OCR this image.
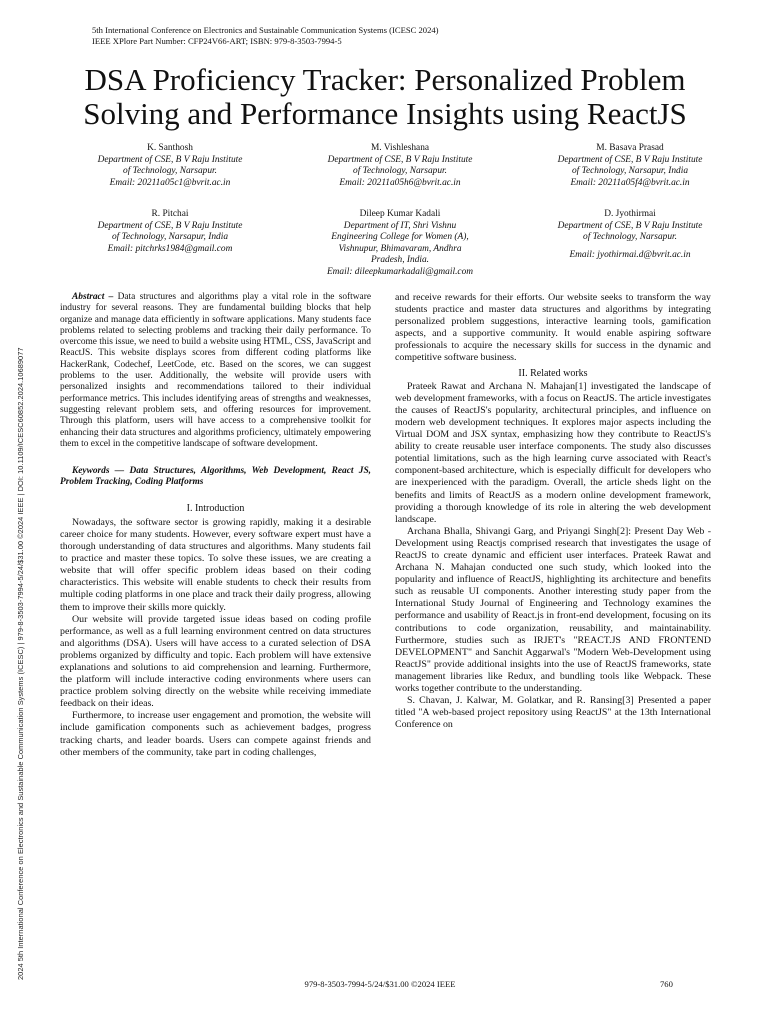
5th International Conference on Electronics and Sustainable Communication Systems (ICESC 2024)
IEEE XPlore Part Number: CFP24V66-ART; ISBN: 979-8-3503-7994-5
2024 5th International Conference on Electronics and Sustainable Communication Systems (ICESC) | 979-8-3503-7994-5/24/$31.00 ©2024 IEEE | DOI: 10.1109/ICESC60852.2024.10689077
DSA Proficiency Tracker: Personalized Problem
Solving and Performance Insights using ReactJS
K. Santhosh
Department of CSE, B V Raju Institute
of Technology, Narsapur.
Email: 20211a05c1@bvrit.ac.in
M. Vishleshana
Department of CSE, B V Raju Institute
of Technology, Narsapur.
Email: 20211a05h6@bvrit.ac.in
M. Basava Prasad
Department of CSE, B V Raju Institute
of Technology, Narsapur, India
Email: 20211a05f4@bvrit.ac.in
R. Pitchai
Department of CSE, B V Raju Institute
of Technology, Narsapur, India
Email: pitchrks1984@gmail.com
Dileep Kumar Kadali
Department of IT, Shri Vishnu
Engineering College for Women (A),
Vishnupur, Bhimavaram, Andhra
Pradesh, India.
Email: dileepkumarkadali@gmail.com
D. Jyothirmai
Department of CSE, B V Raju Institute
of Technology, Narsapur.
Email: jyothirmai.d@bvrit.ac.in

Abstract – Data structures and algorithms play a vital role in the software industry for several reasons. They are fundamental building blocks that help organize and manage data efficiently in software applications. Many students face problems related to selecting problems and tracking their daily performance. To overcome this issue, we need to build a website using HTML, CSS, JavaScript and ReactJS. This website displays scores from different coding platforms like HackerRank, Codechef, LeetCode, etc. Based on the scores, we can suggest problems to the user. Additionally, the website will provide users with personalized insights and recommendations tailored to their individual performance metrics. This includes identifying areas of strengths and weaknesses, suggesting relevant problem sets, and offering resources for improvement. Through this platform, users will have access to a comprehensive toolkit for enhancing their data structures and algorithms proficiency, ultimately empowering them to excel in the competitive landscape of software development.

Keywords — Data Structures, Algorithms, Web Development, React JS, Problem Tracking, Coding Platforms
I. Introduction

Nowadays, the software sector is growing rapidly, making it a desirable career choice for many students. However, every software expert must have a thorough understanding of data structures and algorithms. Many students fail to practice and master these topics. To solve these issues, we are creating a website that will offer specific problem ideas based on their coding characteristics. This website will enable students to check their results from multiple coding platforms in one place and track their daily progress, allowing them to improve their skills more quickly.

Our website will provide targeted issue ideas based on coding profile performance, as well as a full learning environment centred on data structures and algorithms (DSA). Users will have access to a curated selection of DSA problems organized by difficulty and topic. Each problem will have extensive explanations and solutions to aid comprehension and learning. Furthermore, the platform will include interactive coding environments where users can practice problem solving directly on the website while receiving immediate feedback on their ideas.

Furthermore, to increase user engagement and promotion, the website will include gamification components such as achievement badges, progress tracking charts, and leader boards. Users can compete against friends and other members of the community, take part in coding challenges,

and receive rewards for their efforts. Our website seeks to transform the way students practice and master data structures and algorithms by integrating personalized problem suggestions, interactive learning tools, gamification aspects, and a supportive community. It would enable aspiring software professionals to acquire the necessary skills for success in the dynamic and competitive software business.

II. Related works

Prateek Rawat and Archana N. Mahajan[1] investigated the landscape of web development frameworks, with a focus on ReactJS. The article investigates the causes of ReactJS's popularity, architectural principles, and influence on modern web development techniques. It explores major aspects including the Virtual DOM and JSX syntax, emphasizing how they contribute to ReactJS's ability to create reusable user interface components. The study also discusses potential limitations, such as the high learning curve associated with React's component-based architecture, which is especially difficult for developers who are inexperienced with the paradigm. Overall, the article sheds light on the benefits and limits of ReactJS as a modern online development framework, providing a thorough knowledge of its role in altering the web development landscape.

Archana Bhalla, Shivangi Garg, and Priyangi Singh[2]: Present Day Web - Development using Reactjs comprised research that investigates the usage of ReactJS to create dynamic and efficient user interfaces. Prateek Rawat and Archana N. Mahajan conducted one such study, which looked into the popularity and influence of ReactJS, highlighting its architecture and benefits such as reusable UI components. Another interesting study paper from the International Study Journal of Engineering and Technology examines the performance and usability of React.js in front-end development, focusing on its contributions to code organization, reusability, and maintainability. Furthermore, studies such as IRJET's "REACT.JS AND FRONTEND DEVELOPMENT" and Sanchit Aggarwal's "Modern Web-Development using ReactJS" provide additional insights into the use of ReactJS frameworks, state management libraries like Redux, and bundling tools like Webpack. These works together contribute to the understanding.

S. Chavan, J. Kalwar, M. Golatkar, and R. Ransing[3] Presented a paper titled "A web-based project repository using ReactJS" at the 13th International Conference on

979-8-3503-7994-5/24/$31.00 ©2024 IEEE	760
